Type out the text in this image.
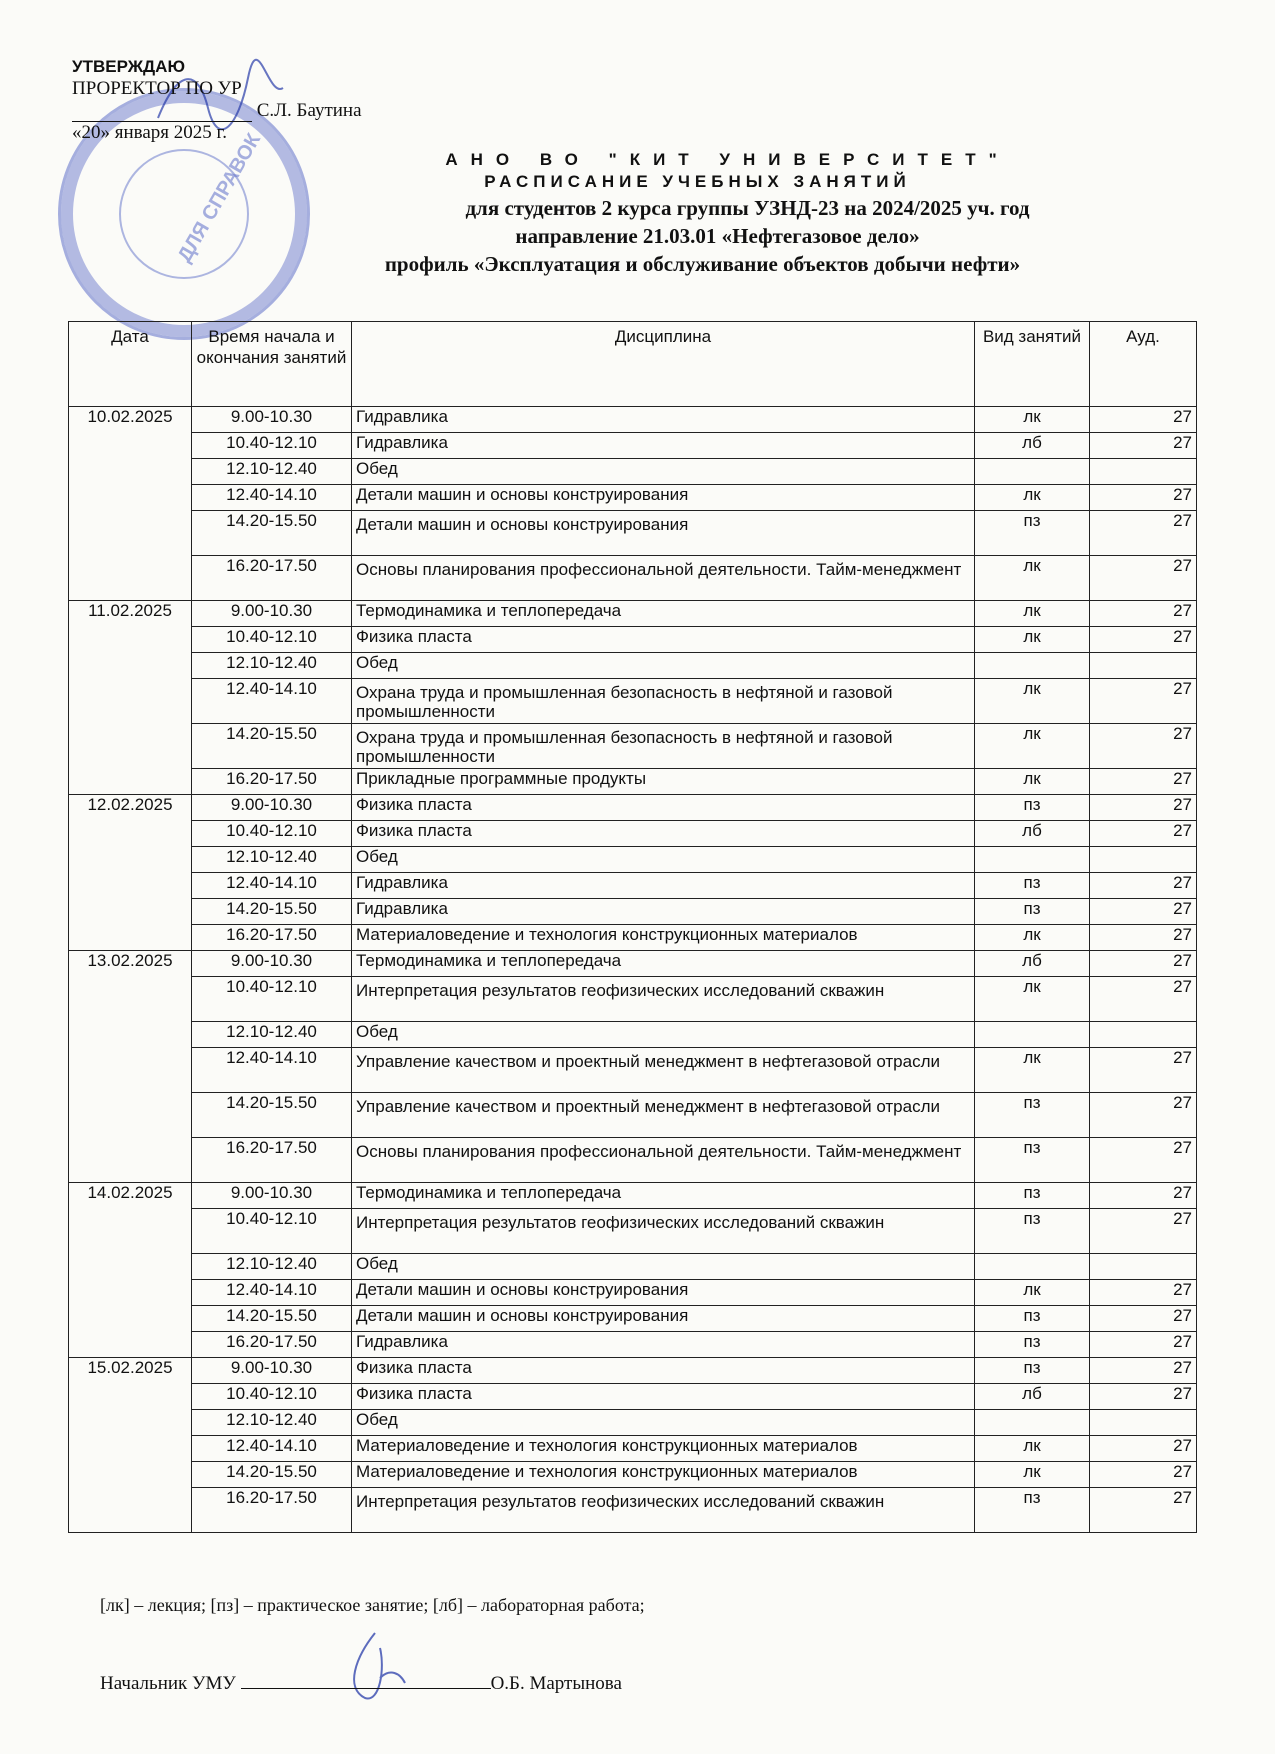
ДЛЯ СПРАВОК
УТВЕРЖДАЮ
ПРОРЕКТОР ПО УР
С.Л. Баутина
«20» января 2025 г.
АНО ВО "КИТ УНИВЕРСИТЕТ"
РАСПИСАНИЕ УЧЕБНЫХ ЗАНЯТИЙ
для студентов 2 курса группы УЗНД-23 на 2024/2025 уч. год
направление 21.03.01 «Нефтегазовое дело»
профиль «Эксплуатация и обслуживание объектов добычи нефти»
Дата	Время начала и окончания занятий	Дисциплина	Вид занятий	Ауд.
10.02.2025	9.00-10.30	Гидравлика	лк	27
	10.40-12.10	Гидравлика	лб	27
	12.10-12.40	Обед		
	12.40-14.10	Детали машин и основы конструирования	лк	27
	14.20-15.50	Детали машин и основы конструирования	пз	27
	16.20-17.50	Основы планирования профессиональной деятельности. Тайм-менеджмент	лк	27
11.02.2025	9.00-10.30	Термодинамика и теплопередача	лк	27
	10.40-12.10	Физика пласта	лк	27
	12.10-12.40	Обед		
	12.40-14.10	Охрана труда и промышленная безопасность в нефтяной и газовой промышленности	лк	27
	14.20-15.50	Охрана труда и промышленная безопасность в нефтяной и газовой промышленности	лк	27
	16.20-17.50	Прикладные программные продукты	лк	27
12.02.2025	9.00-10.30	Физика пласта	пз	27
	10.40-12.10	Физика пласта	лб	27
	12.10-12.40	Обед		
	12.40-14.10	Гидравлика	пз	27
	14.20-15.50	Гидравлика	пз	27
	16.20-17.50	Материаловедение и технология конструкционных материалов	лк	27
13.02.2025	9.00-10.30	Термодинамика и теплопередача	лб	27
	10.40-12.10	Интерпретация результатов геофизических исследований скважин	лк	27
	12.10-12.40	Обед		
	12.40-14.10	Управление качеством и проектный менеджмент в нефтегазовой отрасли	лк	27
	14.20-15.50	Управление качеством и проектный менеджмент в нефтегазовой отрасли	пз	27
	16.20-17.50	Основы планирования профессиональной деятельности. Тайм-менеджмент	пз	27
14.02.2025	9.00-10.30	Термодинамика и теплопередача	пз	27
	10.40-12.10	Интерпретация результатов геофизических исследований скважин	пз	27
	12.10-12.40	Обед		
	12.40-14.10	Детали машин и основы конструирования	лк	27
	14.20-15.50	Детали машин и основы конструирования	пз	27
	16.20-17.50	Гидравлика	пз	27
15.02.2025	9.00-10.30	Физика пласта	пз	27
	10.40-12.10	Физика пласта	лб	27
	12.10-12.40	Обед		
	12.40-14.10	Материаловедение и технология конструкционных материалов	лк	27
	14.20-15.50	Материаловедение и технология конструкционных материалов	лк	27
	16.20-17.50	Интерпретация результатов геофизических исследований скважин	пз	27
[лк] – лекция; [пз] – практическое занятие; [лб] – лабораторная работа;
Начальник УМУ	О.Б. Мартынова
